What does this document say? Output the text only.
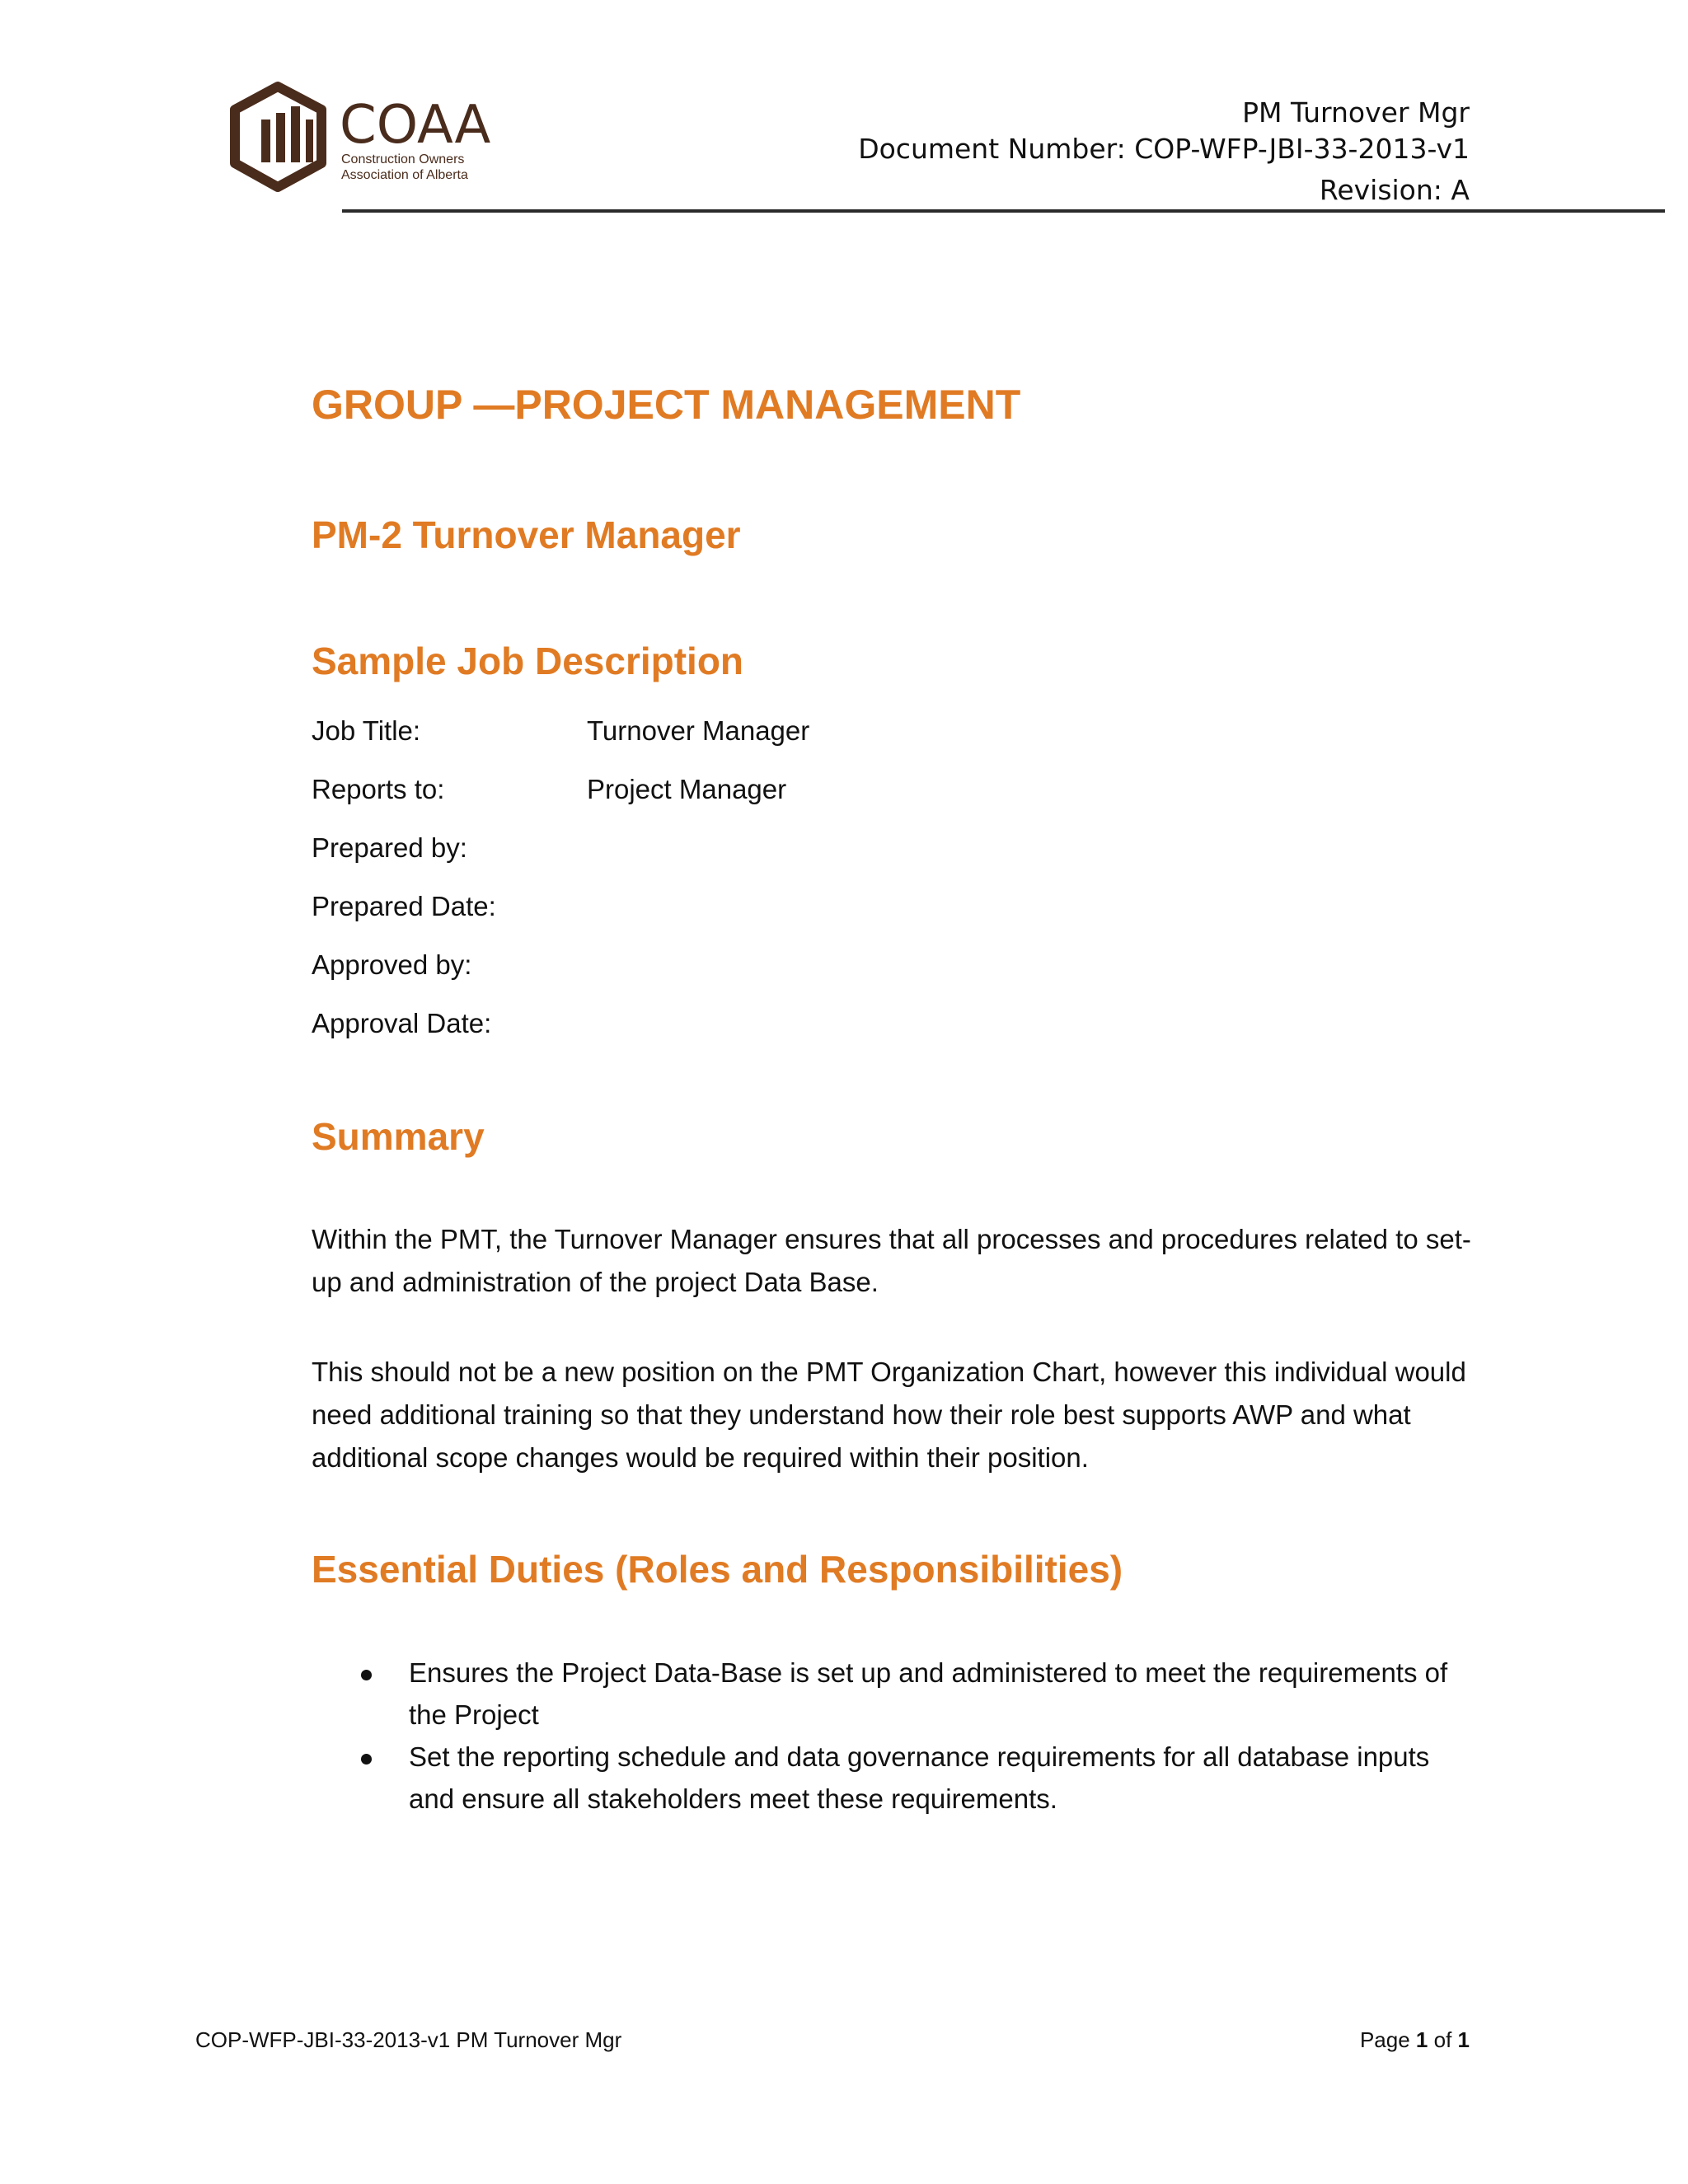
COAA
Construction Owners
Association of Alberta
PM Turnover Mgr
Document Number: COP-WFP-JBI-33-2013-v1
Revision: A
GROUP —PROJECT MANAGEMENT
PM-2 Turnover Manager
Sample Job Description
Job Title:	Turnover Manager
Reports to:	Project Manager
Prepared by:
Prepared Date:
Approved by:
Approval Date:
Summary
Within the PMT, the Turnover Manager ensures that all processes and procedures related to set-up and administration of the project Data Base.
This should not be a new position on the PMT Organization Chart, however this individual would need additional training so that they understand how their role best supports AWP and what additional scope changes would be required within their position.
Essential Duties (Roles and Responsibilities)
Ensures the Project Data-Base is set up and administered to meet the requirements of the Project
Set the reporting schedule and data governance requirements for all database inputs and ensure all stakeholders meet these requirements.
COP-WFP-JBI-33-2013-v1 PM Turnover Mgr	Page 1 of 1
